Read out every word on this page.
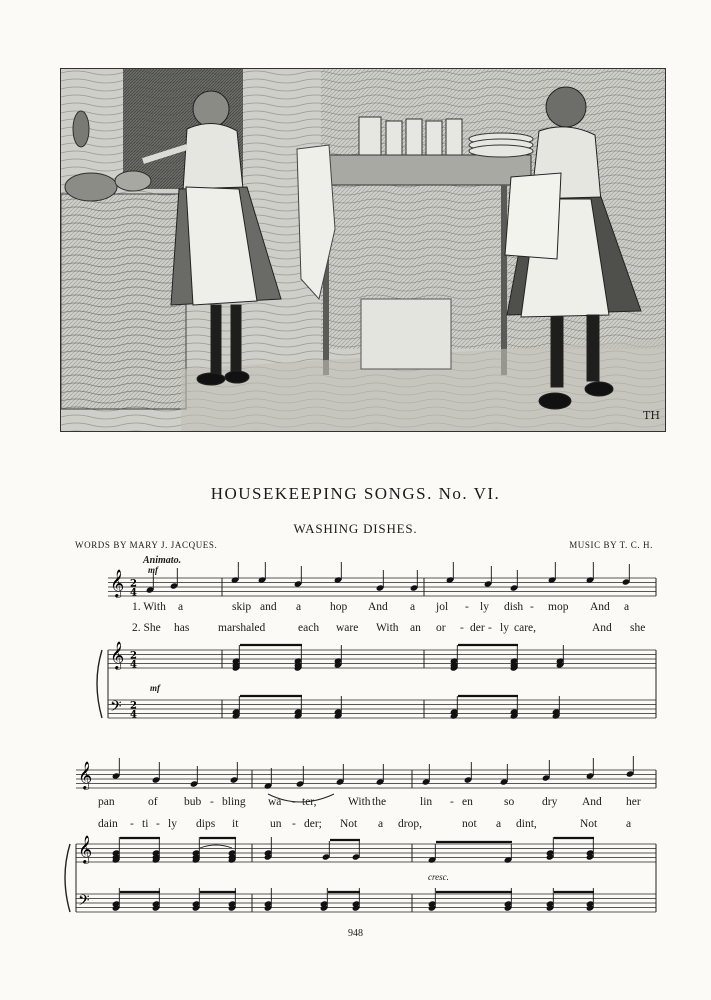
TH
HOUSEKEEPING SONGS. No. VI.
WASHING DISHES.
WORDS BY MARY J. JACQUES.	MUSIC BY T. C. H.
Animato.
mf
mf
cresc.
𝄞
𝄞
𝄢
2
4
2
4
2
4
𝄞
𝄞
𝄢
1. With a	skip and a	hop And a jol - ly dish - mop And a
2. She has marshaled	each ware With an or - der - ly care,	And she
pan	of bub - bling wa - ter,	With the	lin - en	so dry And her
dain - ti - ly dips it	un - der; Not a drop,	not a dint,	Not	a
948
